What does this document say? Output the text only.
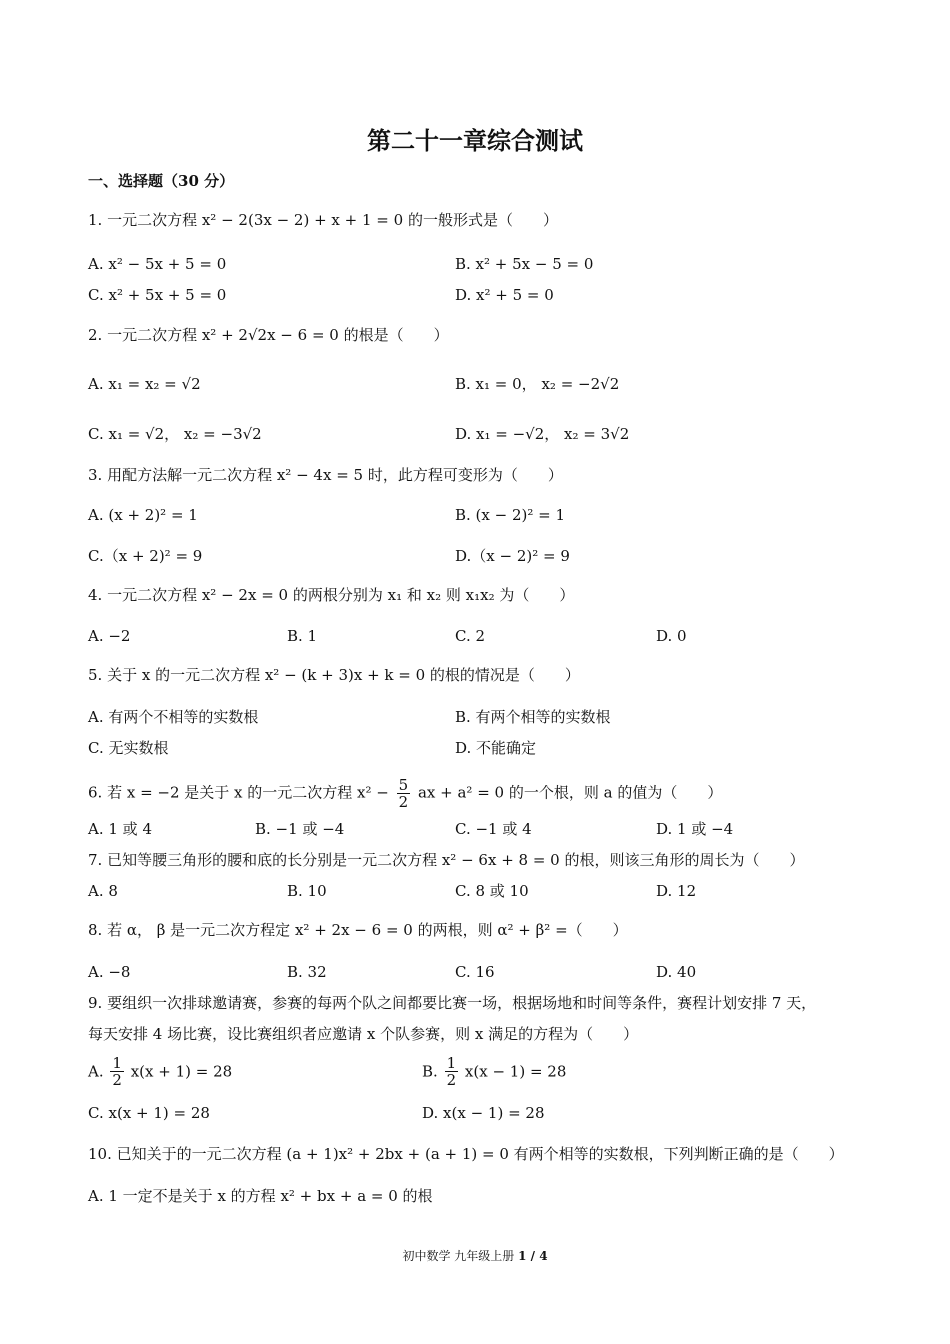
第二十一章综合测试
一、选择题（30 分）
1. 一元二次方程 x² − 2(3x − 2) + x + 1 = 0 的一般形式是（　　）
A. x² − 5x + 5 = 0	B. x² + 5x − 5 = 0
C. x² + 5x + 5 = 0	D. x² + 5 = 0
2. 一元二次方程 x² + 2√2x − 6 = 0 的根是（　　）
A. x₁ = x₂ = √2	B. x₁ = 0， x₂ = −2√2
C. x₁ = √2， x₂ = −3√2	D. x₁ = −√2， x₂ = 3√2
3. 用配方法解一元二次方程 x² − 4x = 5 时，此方程可变形为（　　）
A. (x + 2)² = 1	B. (x − 2)² = 1
C.（x + 2)² = 9	D.（x − 2)² = 9
4. 一元二次方程 x² − 2x = 0 的两根分别为 x₁ 和 x₂ 则 x₁x₂ 为（　　）
A. −2	B. 1	C. 2	D. 0
5. 关于 x 的一元二次方程 x² − (k + 3)x + k = 0 的根的情况是（　　）
A. 有两个不相等的实数根	B. 有两个相等的实数根
C. 无实数根	D. 不能确定
6. 若 x = −2 是关于 x 的一元二次方程 $x^2 - \frac{5}{2}$ ax + a² = 0 的一个根，则 a 的值为（　　）
A. 1 或 4	B. −1 或 −4	C. −1 或 4	D. 1 或 −4
7. 已知等腰三角形的腰和底的长分别是一元二次方程 x² − 6x + 8 = 0 的根，则该三角形的周长为（　　）
A. 8	B. 10	C. 8 或 10	D. 12
8. 若 α， β 是一元二次方程定 x² + 2x − 6 = 0 的两根，则 α² + β² =（　　）
A. −8	B. 32	C. 16	D. 40
9. 要组织一次排球邀请赛，参赛的每两个队之间都要比赛一场，根据场地和时间等条件，赛程计划安排 7 天，
每天安排 4 场比赛，设比赛组织者应邀请 x 个队参赛，则 x 满足的方程为（　　）
A. $\frac{1}{2} x(x + 1) = 28$	B. $\frac{1}{2} x(x - 1) = 28$
C. x(x + 1) = 28	D. x(x − 1) = 28
10. 已知关于的一元二次方程 (a + 1)x² + 2bx + (a + 1) = 0 有两个相等的实数根，下列判断正确的是（　　）
A. 1 一定不是关于 x 的方程 x² + bx + a = 0 的根
初中数学 九年级上册 1 / 4
